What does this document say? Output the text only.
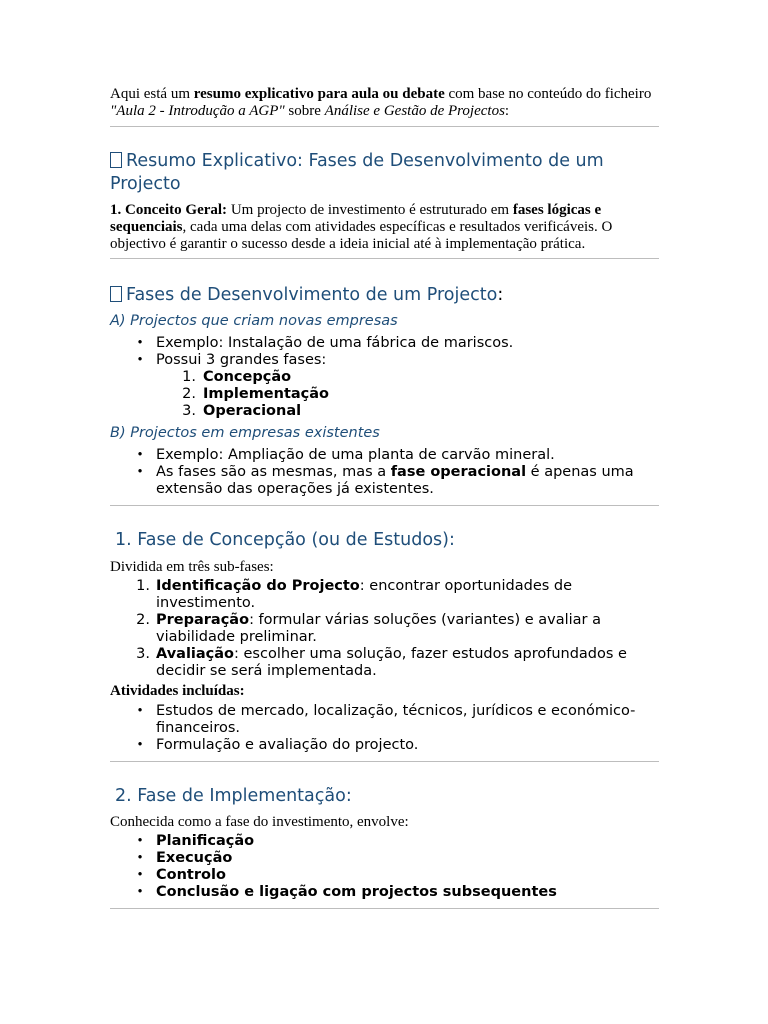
Aqui está um resumo explicativo para aula ou debate com base no conteúdo do ficheiro "Aula 2 - Introdução a AGP" sobre Análise e Gestão de Projectos:
Resumo Explicativo: Fases de Desenvolvimento de um Projecto
1. Conceito Geral: Um projecto de investimento é estruturado em fases lógicas e sequenciais, cada uma delas com atividades específicas e resultados verificáveis. O objectivo é garantir o sucesso desde a ideia inicial até à implementação prática.
Fases de Desenvolvimento de um Projecto:
A) Projectos que criam novas empresas
• Exemplo: Instalação de uma fábrica de mariscos.
• Possui 3 grandes fases:
1. Concepção
2. Implementação
3. Operacional
B) Projectos em empresas existentes
• Exemplo: Ampliação de uma planta de carvão mineral.
• As fases são as mesmas, mas a fase operacional é apenas uma extensão das operações já existentes.
1. Fase de Concepção (ou de Estudos):
Dividida em três sub-fases:
1. Identificação do Projecto: encontrar oportunidades de investimento.
2. Preparação: formular várias soluções (variantes) e avaliar a viabilidade preliminar.
3. Avaliação: escolher uma solução, fazer estudos aprofundados e decidir se será implementada.
Atividades incluídas:
• Estudos de mercado, localização, técnicos, jurídicos e económico-financeiros.
• Formulação e avaliação do projecto.
2. Fase de Implementação:
Conhecida como a fase do investimento, envolve:
• Planificação
• Execução
• Controlo
• Conclusão e ligação com projectos subsequentes
